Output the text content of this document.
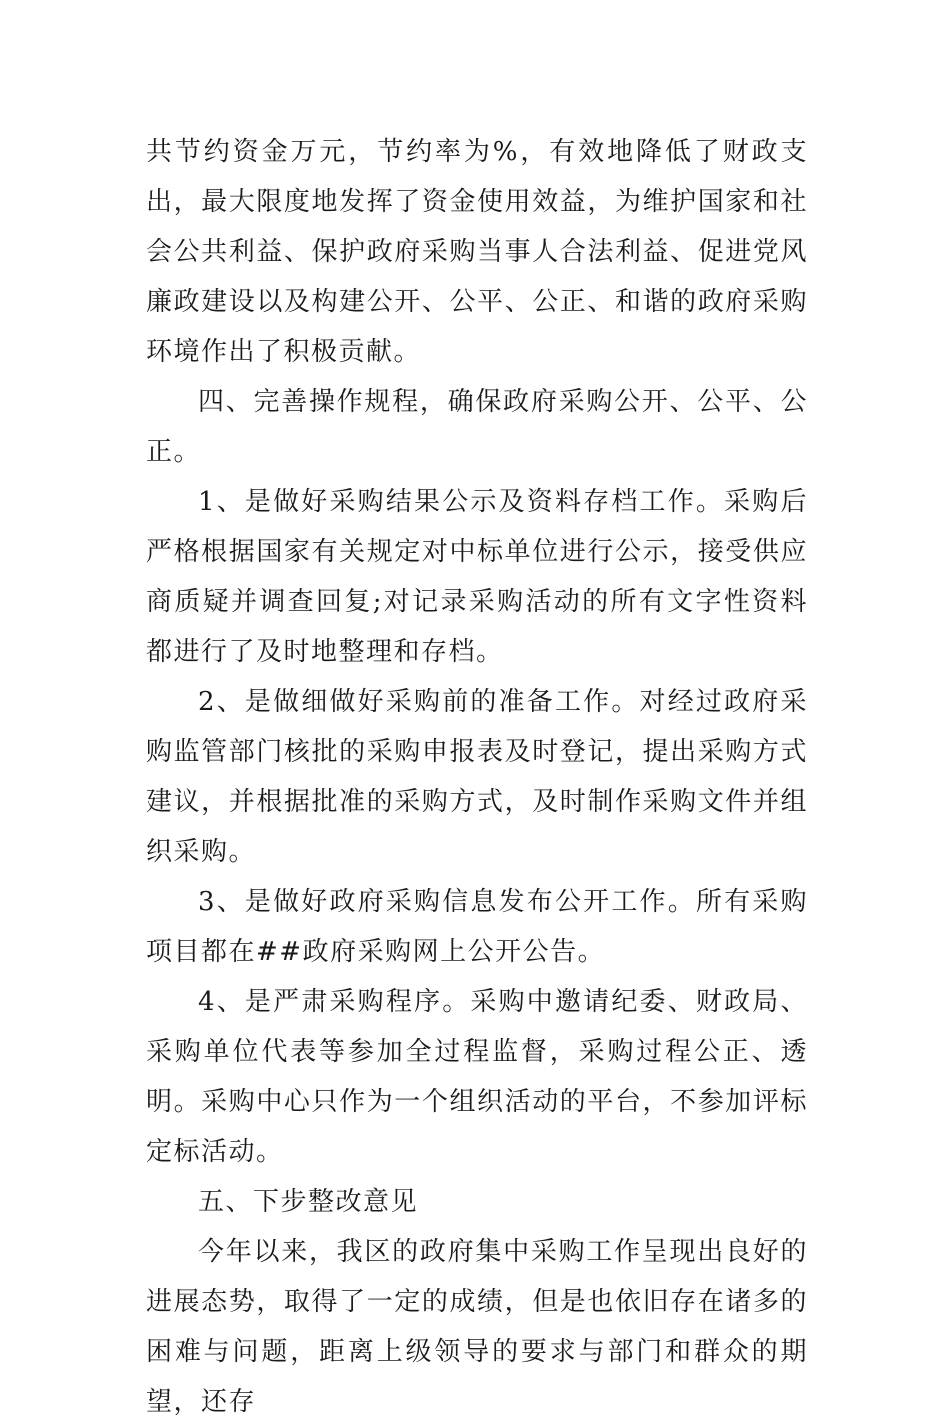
共节约资金万元，节约率为%，有效地降低了财政支出，最大限度地发挥了资金使用效益，为维护国家和社会公共利益、保护政府采购当事人合法利益、促进党风廉政建设以及构建公开、公平、公正、和谐的政府采购环境作出了积极贡献。

四、完善操作规程，确保政府采购公开、公平、公正。

1、是做好采购结果公示及资料存档工作。采购后严格根据国家有关规定对中标单位进行公示，接受供应商质疑并调查回复;对记录采购活动的所有文字性资料都进行了及时地整理和存档。

2、是做细做好采购前的准备工作。对经过政府采购监管部门核批的采购申报表及时登记，提出采购方式建议，并根据批准的采购方式，及时制作采购文件并组织采购。

3、是做好政府采购信息发布公开工作。所有采购项目都在##政府采购网上公开公告。

4、是严肃采购程序。采购中邀请纪委、财政局、采购单位代表等参加全过程监督，采购过程公正、透明。采购中心只作为一个组织活动的平台，不参加评标定标活动。

五、下步整改意见

今年以来，我区的政府集中采购工作呈现出良好的进展态势，取得了一定的成绩，但是也依旧存在诸多的困难与问题，距离上级领导的要求与部门和群众的期望，还存
